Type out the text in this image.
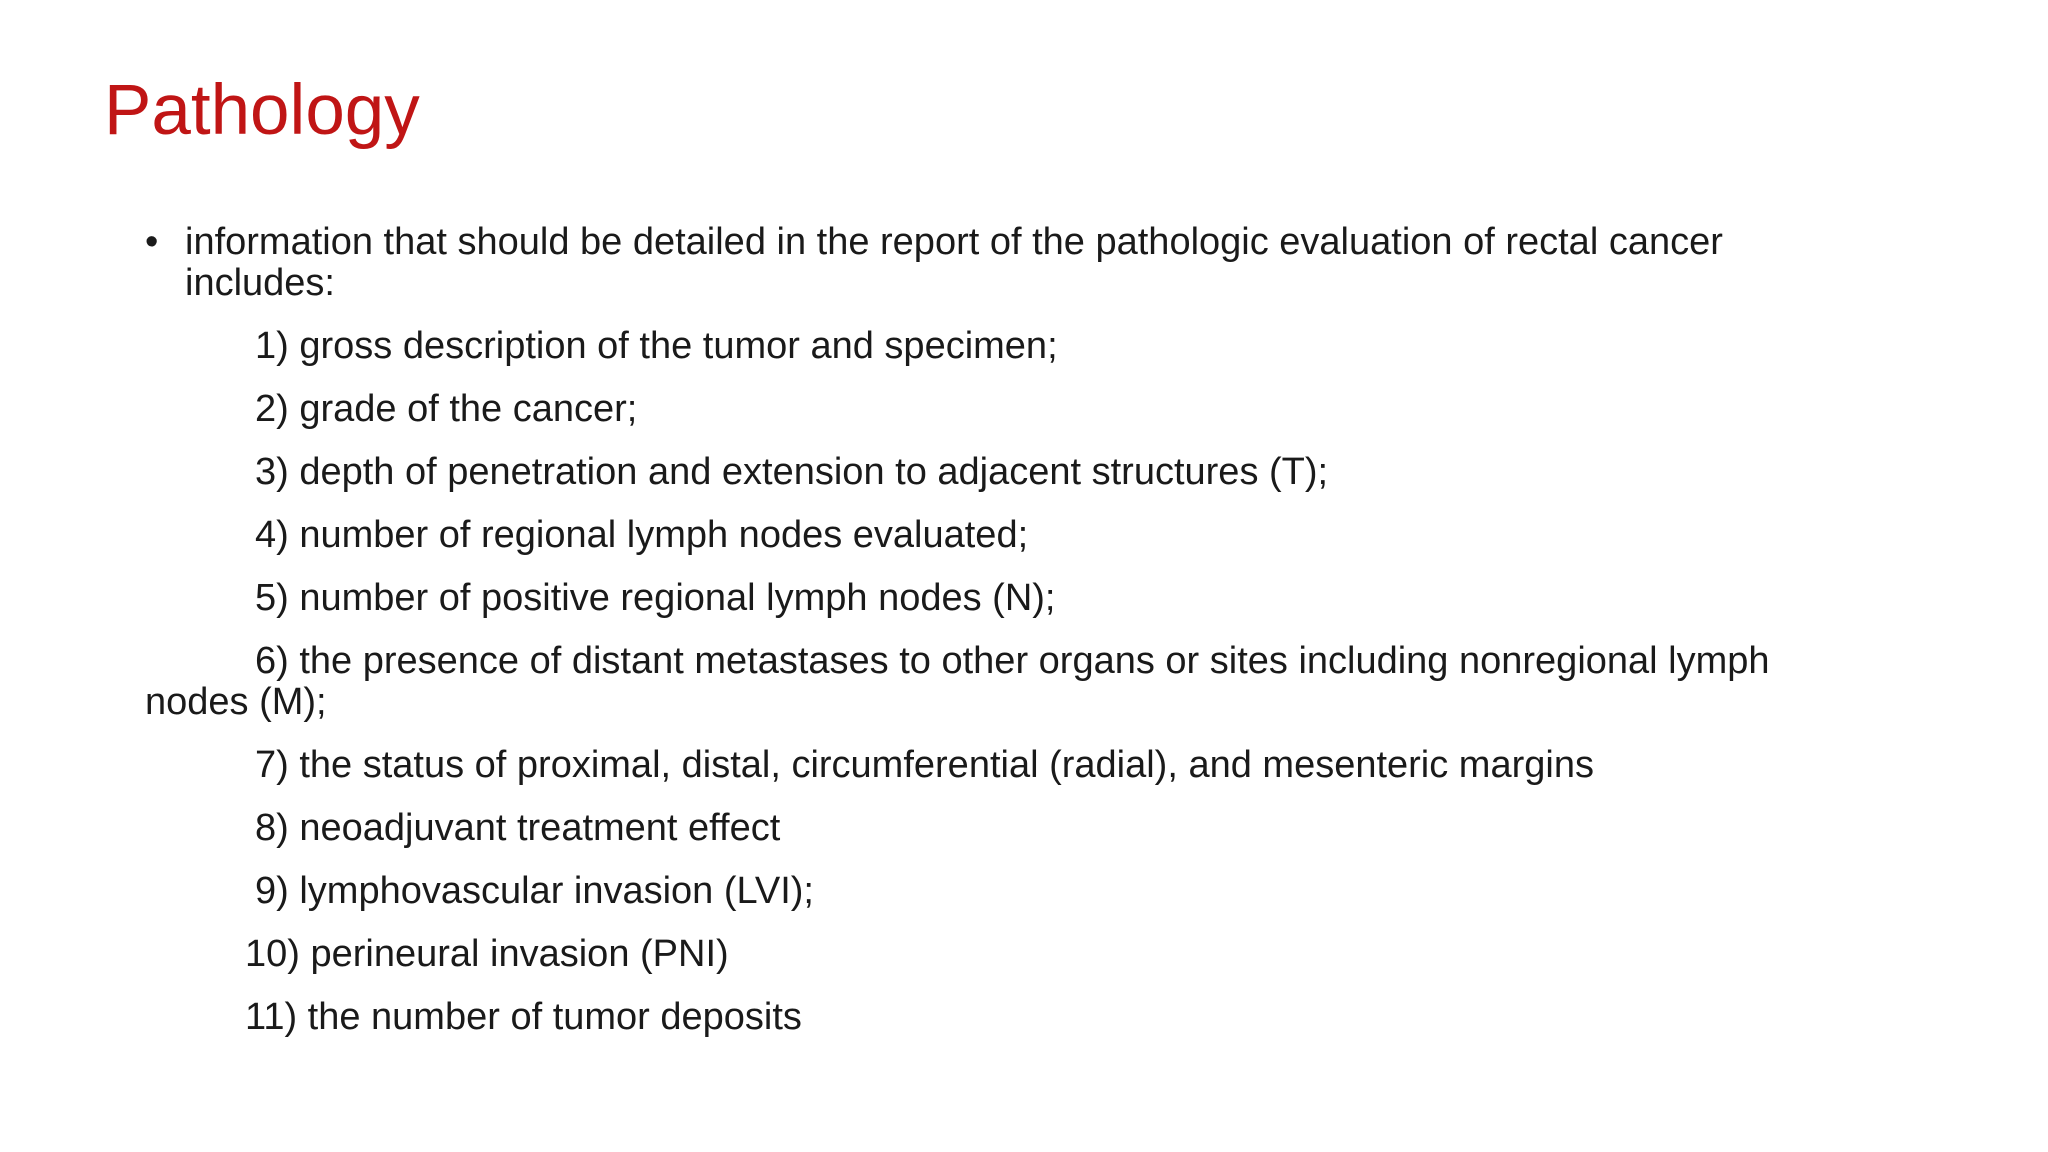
Pathology
• information that should be detailed in the report of the pathologic evaluation of rectal cancer includes:
1) gross description of the tumor and specimen;
2) grade of the cancer;
3) depth of penetration and extension to adjacent structures (T);
4) number of regional lymph nodes evaluated;
5) number of positive regional lymph nodes (N);
6) the presence of distant metastases to other organs or sites including nonregional lymph nodes (M);
7) the status of proximal, distal, circumferential (radial), and mesenteric margins
8) neoadjuvant treatment effect
9) lymphovascular invasion (LVI);
10) perineural invasion (PNI)
11) the number of tumor deposits
